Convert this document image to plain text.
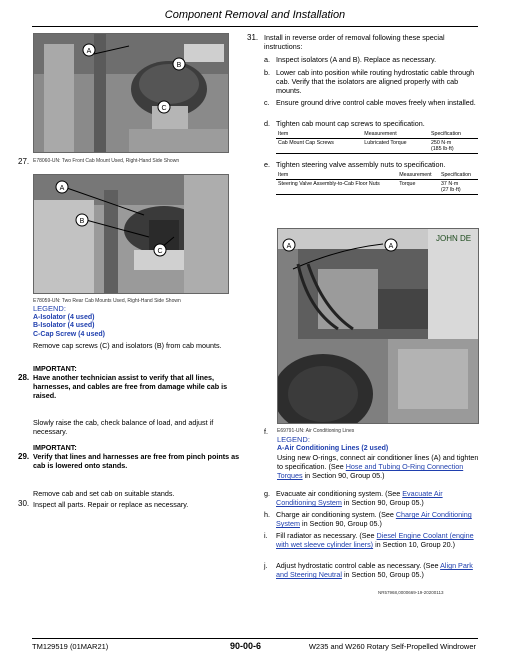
Component Removal and Installation
A
B
C
27. E78060-UN: Two Front Cab Mount Used, Right-Hand Side Shown
A
B
C
E78059-UN: Two Rear Cab Mounts Used, Right-Hand Side Shown
LEGEND:
A-Isolator (4 used)
B-Isolator (4 used)
C-Cap Screw (4 used)
Remove cap screws (C) and isolators (B) from cab mounts.
IMPORTANT:
28. Have another technician assist to verify that all lines, harnesses, and cables are free from damage while cab is raised.
Slowly raise the cab, check balance of load, and adjust if necessary.
IMPORTANT:
29. Verify that lines and harnesses are free from pinch points as cab is lowered onto stands.
Remove cab and set cab on suitable stands.
30. Inspect all parts. Repair or replace as necessary.
31. Install in reverse order of removal following these special instructions:
a. Inspect isolators (A and B). Replace as necessary.
b. Lower cab into position while routing hydrostatic cable through cab. Verify that the isolators are aligned properly with cab mounts.
c. Ensure ground drive control cable moves freely when installed.
d. Tighten cab mount cap screws to specification.
Item	Measurement	Specification
Cab Mount Cap Screws	Lubricated Torque	250 N·m
(185 lb·ft)
e. Tighten steering valve assembly nuts to specification.
Item	Measurement	Specification
Steering Valve Assembly-to-Cab Floor Nuts	Torque	37 N·m
(27 lb·ft)
A	A
JOHN DE
E69791-UN: Air Conditioning Lines
f.
LEGEND:
A-Air Conditioning Lines (2 used)
Using new O-rings, connect air conditioner lines (A) and tighten to specification. (See Hose and Tubing O-Ring Connection Torques in Section 90, Group 05.)
g. Evacuate air conditioning system. (See Evacuate Air Conditioning System in Section 90, Group 05.)
h. Charge air conditioning system. (See Charge Air Conditioning System in Section 90, Group 05.)
i. Fill radiator as necessary. (See Diesel Engine Coolant (engine with wet sleeve cylinder liners) in Section 10, Group 20.)
j. Adjust hydrostatic control cable as necessary. (See Align Park and Steering Neutral in Section 50, Group 05.)
NR57968,0000669-19-20200113
TM129519 (01MAR21)	90-00-6	W235 and W260 Rotary Self-Propelled Windrower
